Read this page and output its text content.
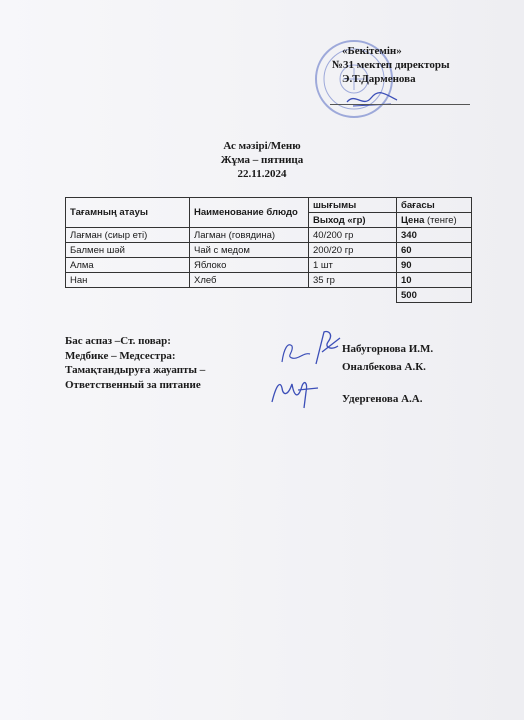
«Бекітемін»
№31 мектеп директоры
Э.Т.Дарменова
Ас мәзірі/Меню
Жұма – пятница
22.11.2024
Тағамның атауы	Наименование блюдо	шығымы	бағасы
		Выход «гр)	Цена (тенге)
Лағман (сиыр еті)	Лагман (говядина)	40/200 гр	340
Балмен шәй	Чай с медом	200/20 гр	60
Алма	Яблоко	1 шт	90
Нан	Хлеб	35 гр	10
			500
Бас аспаз –Ст. повар:
Медбике – Медсестра:
Тамақтандыруға жауапты –
Ответственный за питание
Набугорнова И.М.
Оналбекова А.К.
Удергенова А.А.
